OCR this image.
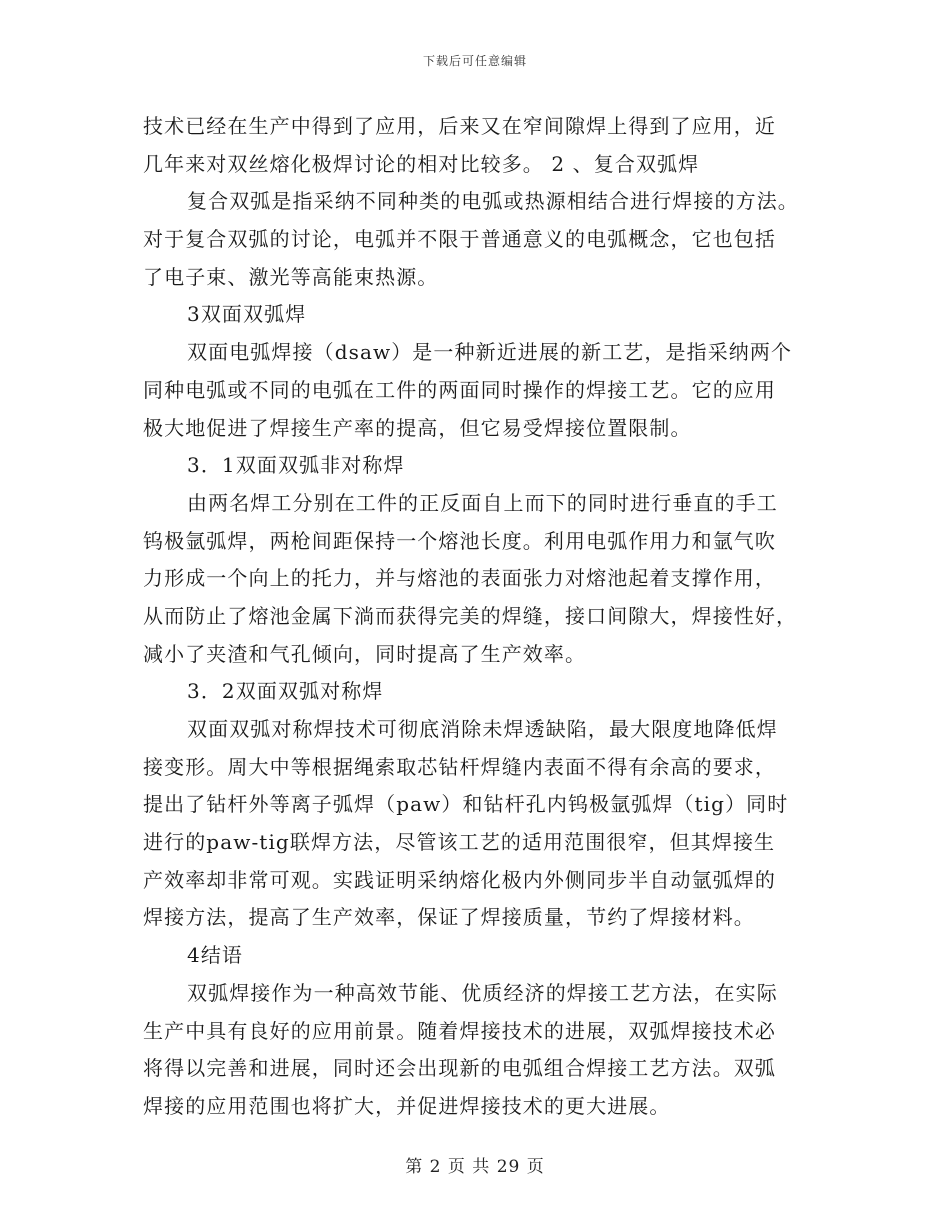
下载后可任意编辑
技术已经在生产中得到了应用，后来又在窄间隙焊上得到了应用，近
几年来对双丝熔化极焊讨论的相对比较多。 2 、复合双弧焊
复合双弧是指采纳不同种类的电弧或热源相结合进行焊接的方法。
对于复合双弧的讨论，电弧并不限于普通意义的电弧概念，它也包括
了电子束、激光等高能束热源。
3双面双弧焊
双面电弧焊接（dsaw）是一种新近进展的新工艺，是指采纳两个
同种电弧或不同的电弧在工件的两面同时操作的焊接工艺。它的应用
极大地促进了焊接生产率的提高，但它易受焊接位置限制。
3．1双面双弧非对称焊
由两名焊工分别在工件的正反面自上而下的同时进行垂直的手工
钨极氩弧焊，两枪间距保持一个熔池长度。利用电弧作用力和氩气吹
力形成一个向上的托力，并与熔池的表面张力对熔池起着支撑作用，
从而防止了熔池金属下淌而获得完美的焊缝，接口间隙大，焊接性好，
减小了夹渣和气孔倾向，同时提高了生产效率。
3．2双面双弧对称焊
双面双弧对称焊技术可彻底消除未焊透缺陷，最大限度地降低焊
接变形。周大中等根据绳索取芯钻杆焊缝内表面不得有余高的要求，
提出了钻杆外等离子弧焊（paw）和钻杆孔内钨极氩弧焊（tig）同时
进行的paw-tig联焊方法，尽管该工艺的适用范围很窄，但其焊接生
产效率却非常可观。实践证明采纳熔化极内外侧同步半自动氩弧焊的
焊接方法，提高了生产效率，保证了焊接质量，节约了焊接材料。
4结语
双弧焊接作为一种高效节能、优质经济的焊接工艺方法，在实际
生产中具有良好的应用前景。随着焊接技术的进展，双弧焊接技术必
将得以完善和进展，同时还会出现新的电弧组合焊接工艺方法。双弧
焊接的应用范围也将扩大，并促进焊接技术的更大进展。
第 2 页 共 29 页
